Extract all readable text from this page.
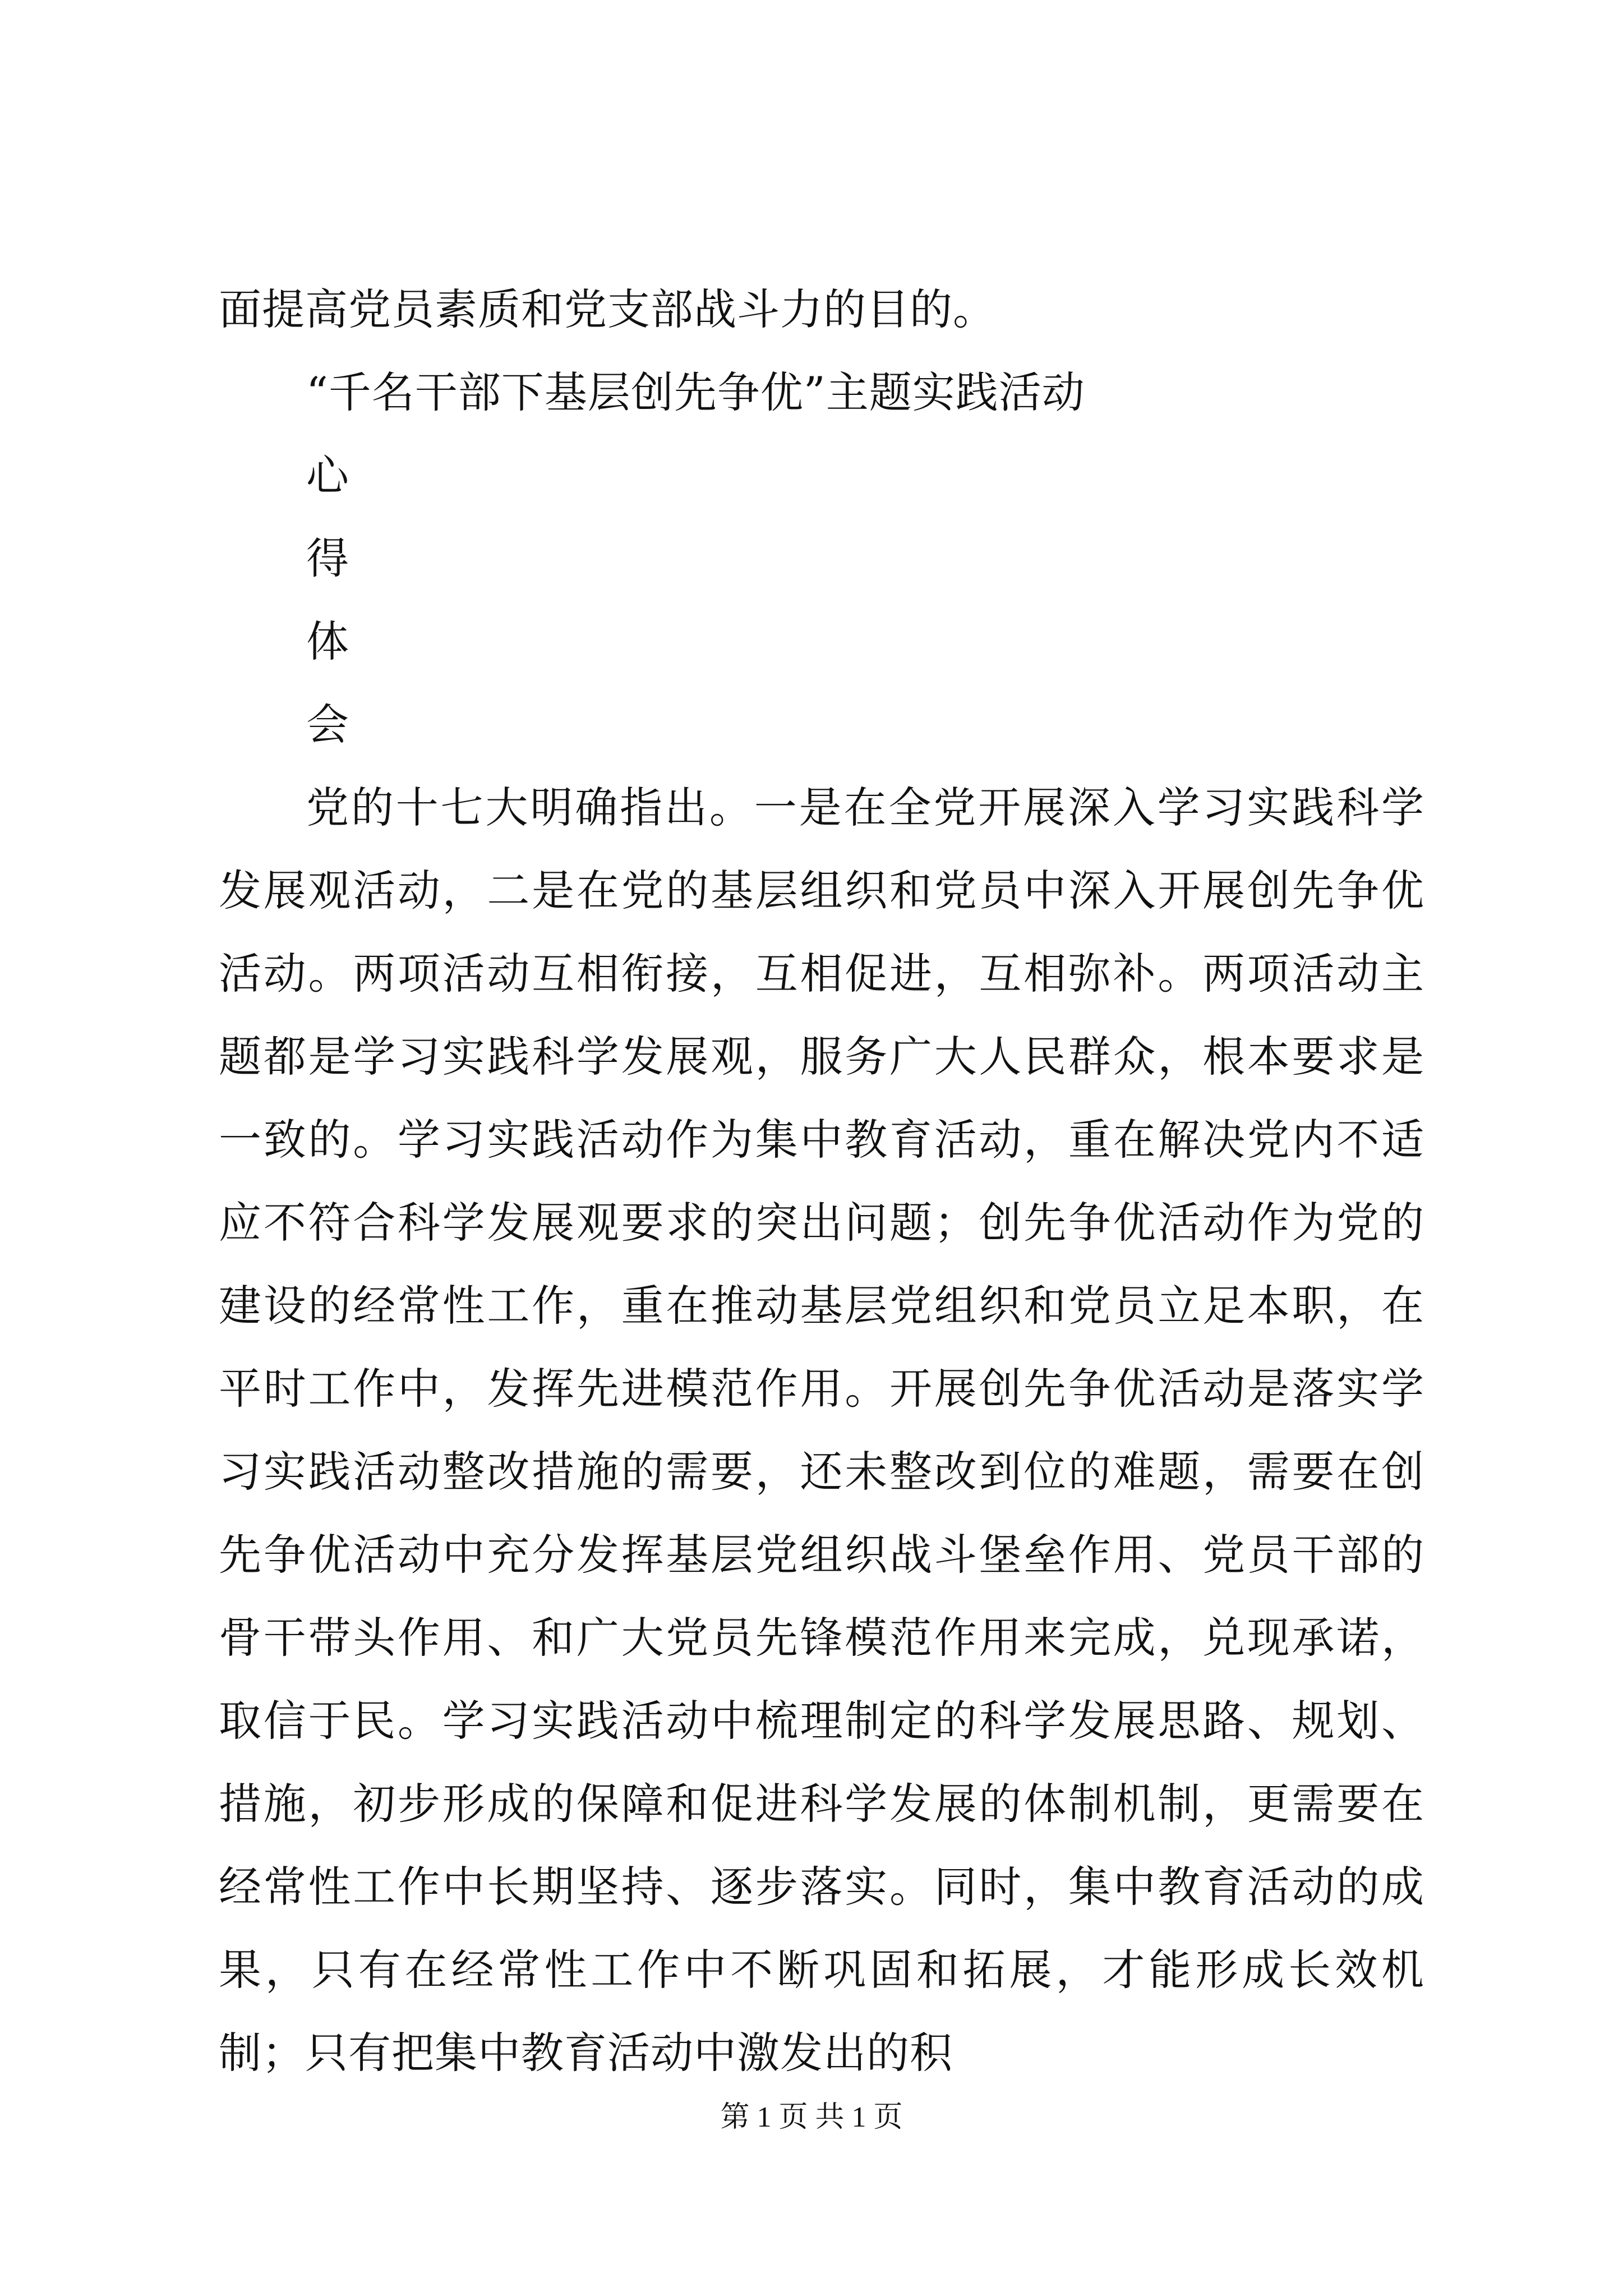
面提高党员素质和党支部战斗力的目的。
“千名干部下基层创先争优”主题实践活动
心
得
体
会
党的十七大明确指出。一是在全党开展深入学习实践科学发展观活动，二是在党的基层组织和党员中深入开展创先争优活动。两项活动互相衔接，互相促进，互相弥补。两项活动主题都是学习实践科学发展观，服务广大人民群众，根本要求是一致的。学习实践活动作为集中教育活动，重在解决党内不适应不符合科学发展观要求的突出问题；创先争优活动作为党的建设的经常性工作，重在推动基层党组织和党员立足本职，在平时工作中，发挥先进模范作用。开展创先争优活动是落实学习实践活动整改措施的需要，还未整改到位的难题，需要在创先争优活动中充分发挥基层党组织战斗堡垒作用、党员干部的骨干带头作用、和广大党员先锋模范作用来完成，兑现承诺，取信于民。学习实践活动中梳理制定的科学发展思路、规划、措施，初步形成的保障和促进科学发展的体制机制，更需要在经常性工作中长期坚持、逐步落实。同时，集中教育活动的成果，只有在经常性工作中不断巩固和拓展，才能形成长效机制；只有把集中教育活动中激发出的积
第 1 页 共 1 页
